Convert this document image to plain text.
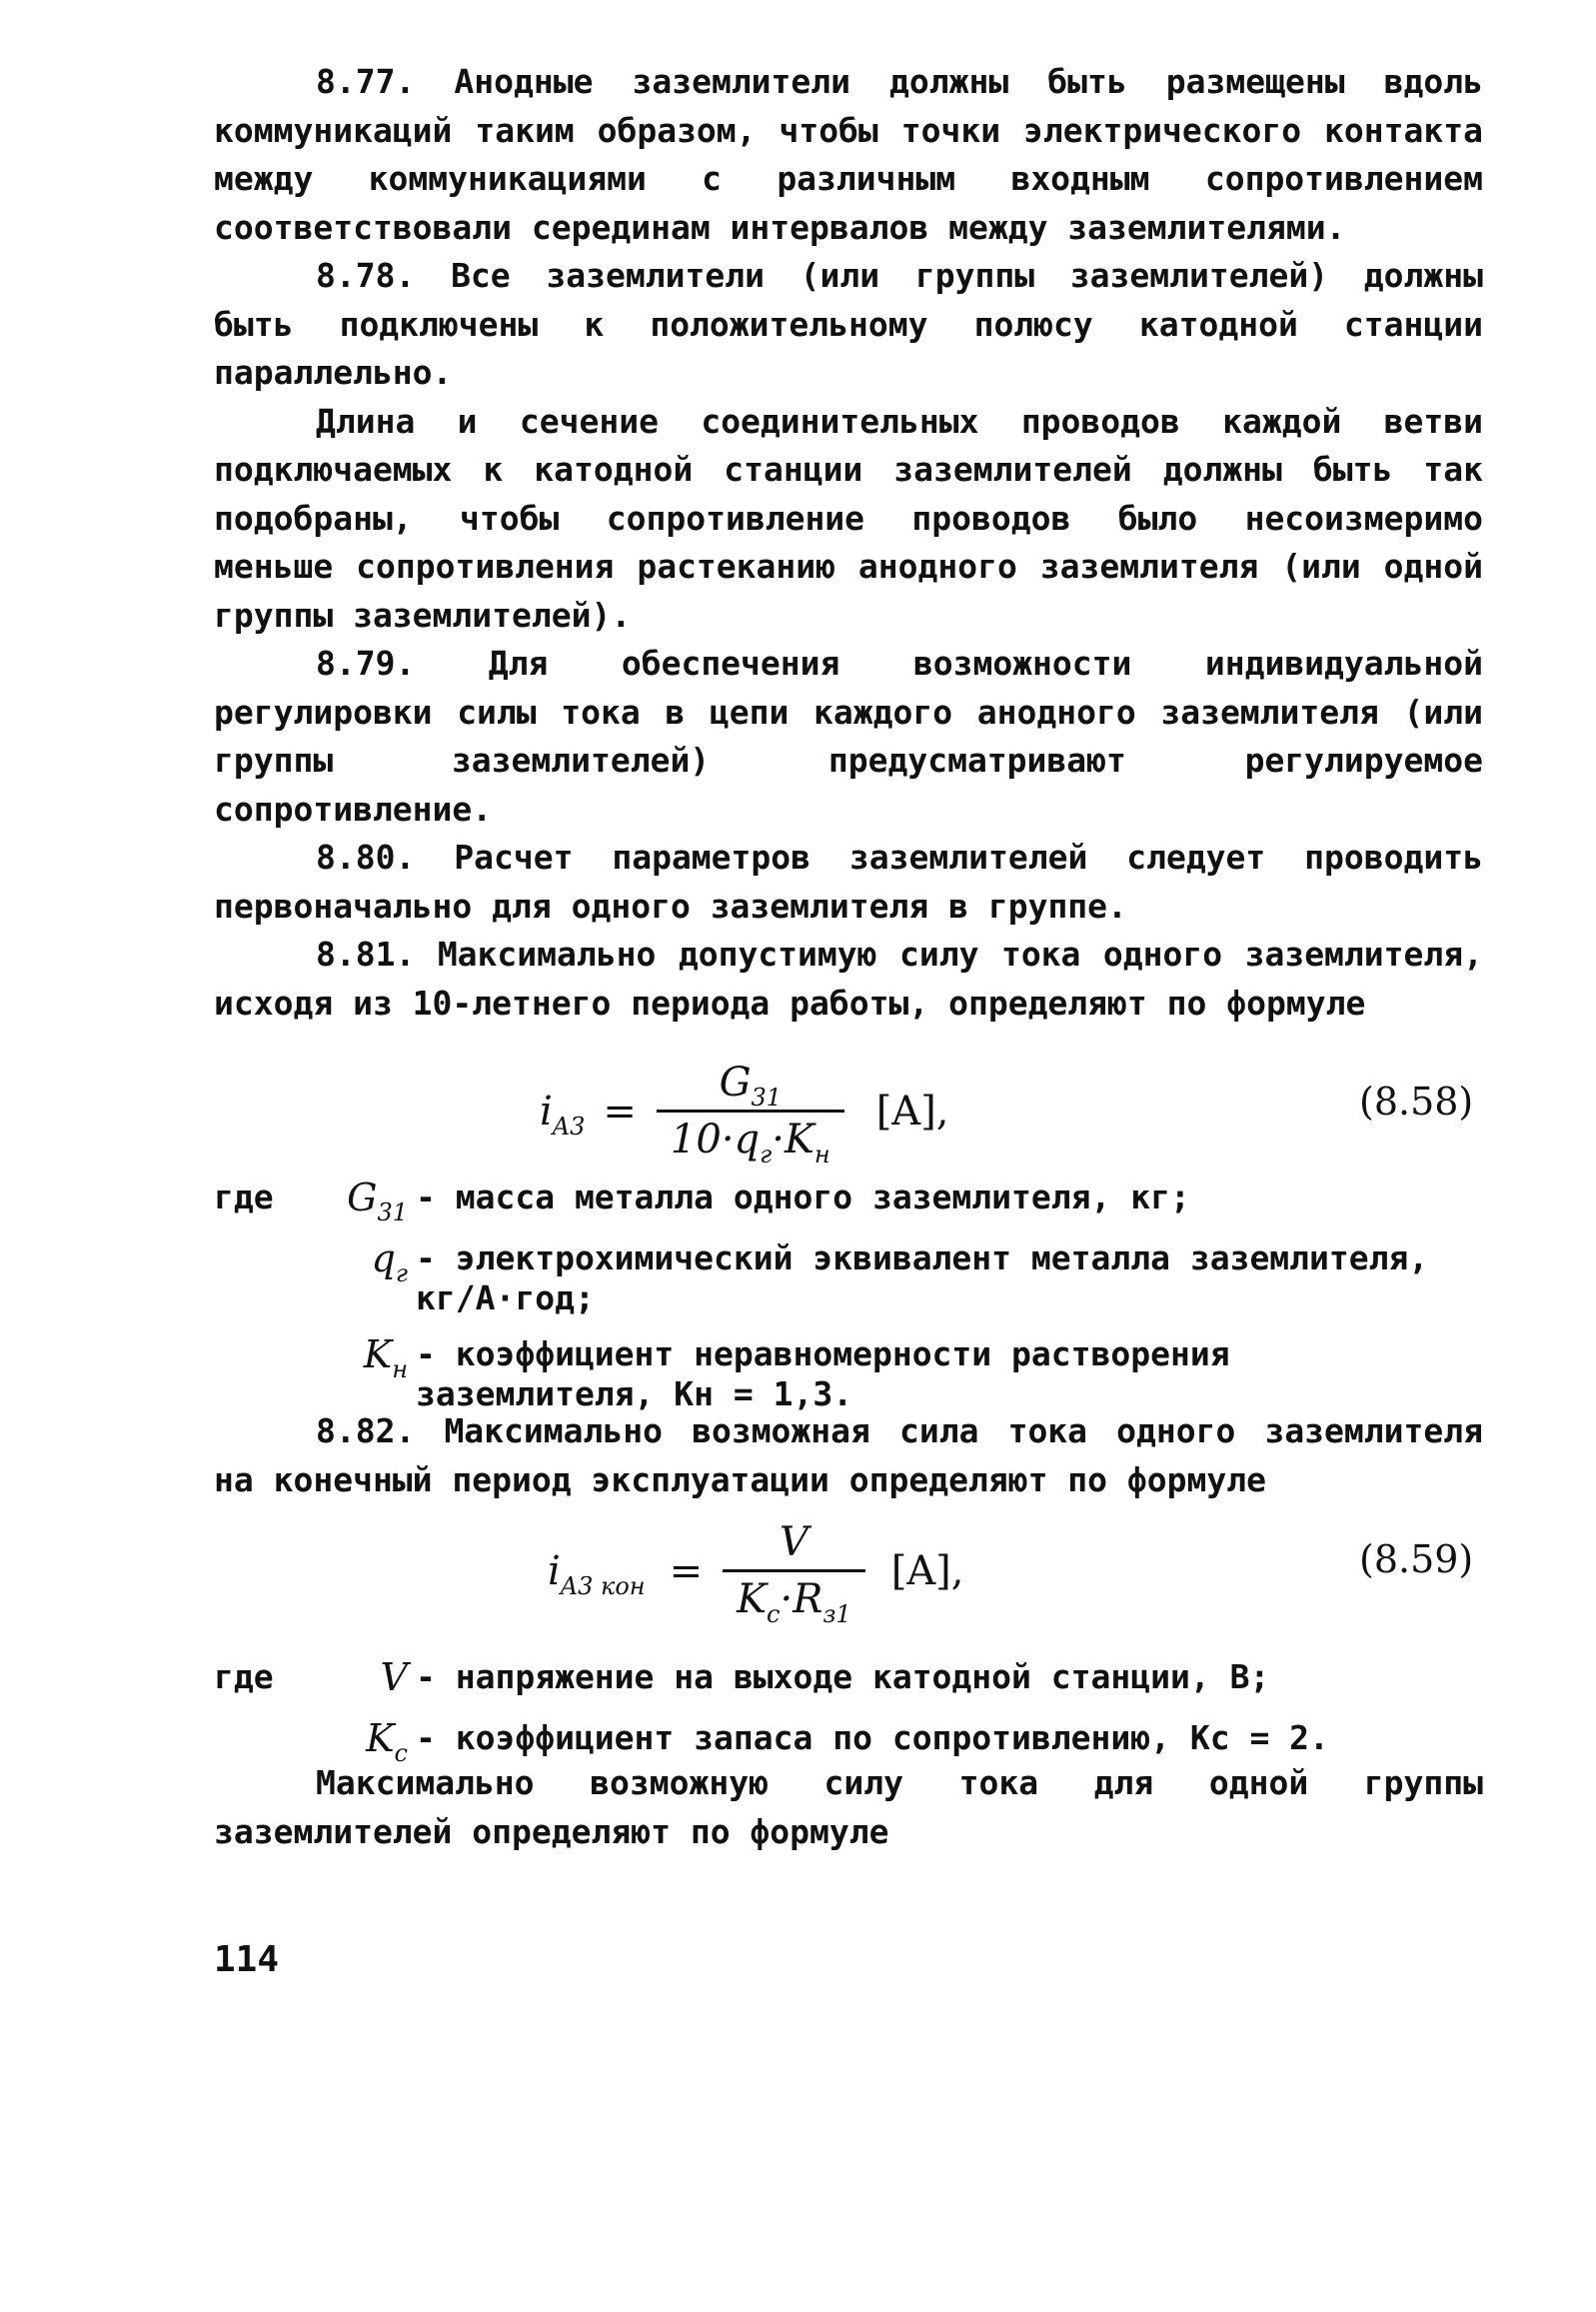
8.77. Анодные заземлители должны быть размещены вдоль коммуникаций таким образом, чтобы точки электрического контакта между коммуникациями с различным входным сопротивлением соответствовали серединам интервалов между заземлителями.

8.78. Все заземлители (или группы заземлителей) должны быть подключены к положительному полюсу катодной станции параллельно.

Длина и сечение соединительных проводов каждой ветви подключаемых к катодной станции заземлителей должны быть так подобраны, чтобы сопротивление проводов было несоизмеримо меньше сопротивления растеканию анодного заземлителя (или одной группы заземлителей).

8.79. Для обеспечения возможности индивидуальной регулировки силы тока в цепи каждого анодного заземлителя (или группы заземлителей) предусматривают регулируемое сопротивление.

8.80. Расчет параметров заземлителей следует проводить первоначально для одного заземлителя в группе.

8.81. Максимально допустимую силу тока одного заземлителя, исходя из 10-летнего периода работы, определяют по формуле

$i_{A3} = \frac{G_{31}}{10\cdot q_г\cdot K_н} [A]$,	(8.58)
где	$G_{31}$ - масса металла одного заземлителя, кг;
$q_г$ - электрохимический эквивалент металла заземлителя, кг/А·год;
$K_н$ - коэффициент неравномерности растворения заземлителя, Kн = 1,3.

8.82. Максимально возможная сила тока одного заземлителя на конечный период эксплуатации определяют по формуле

$i_{A3 кон} = \frac{V}{K_c\cdot R_{з1}} [A]$,	(8.59)
где	V - напряжение на выходе катодной станции, В;
$K_c$ - коэффициент запаса по сопротивлению, Kc = 2.

Максимально возможную силу тока для одной группы заземлителей определяют по формуле

114
